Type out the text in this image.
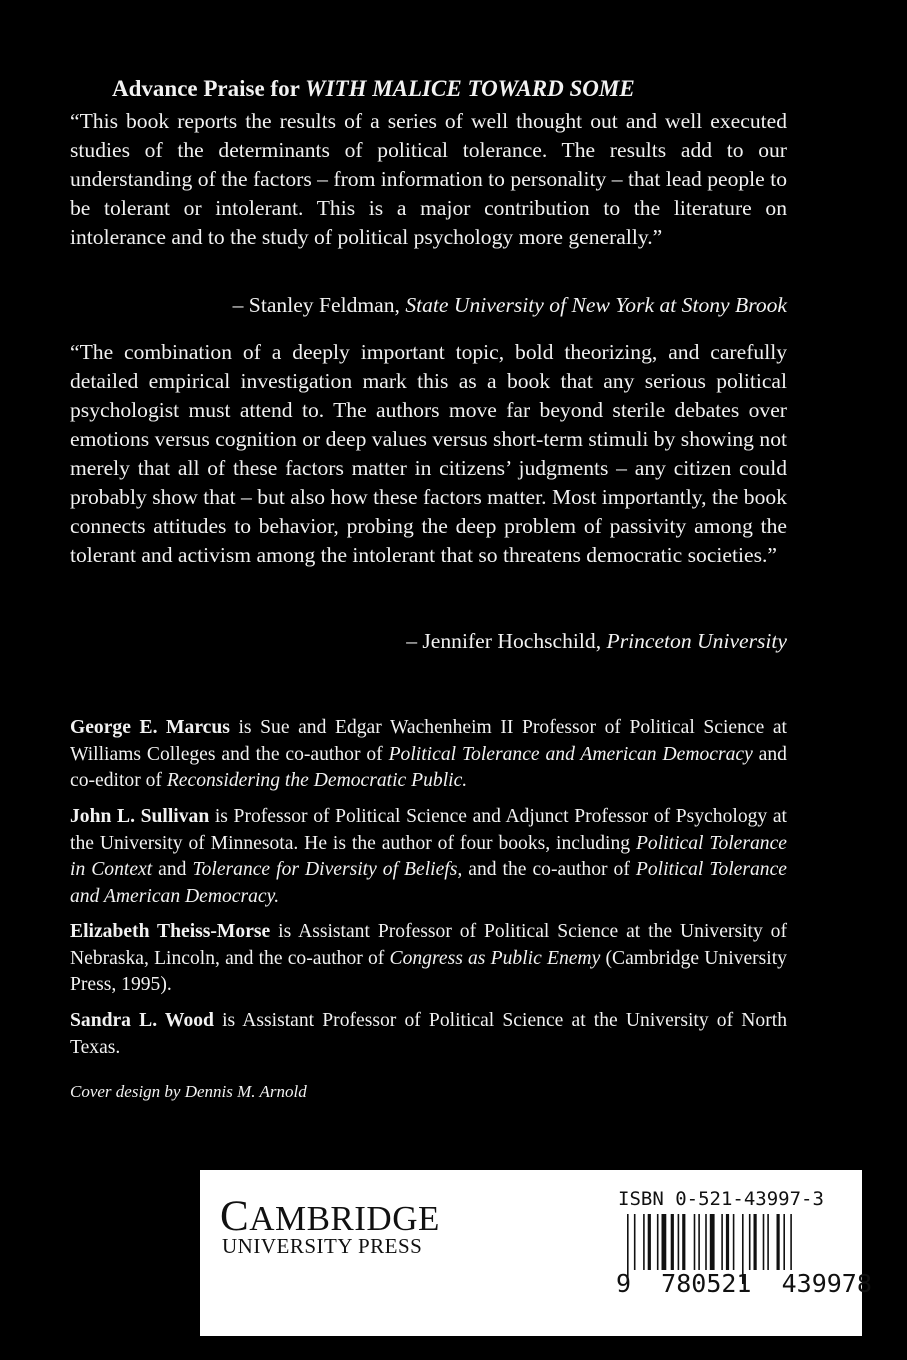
Advance Praise for WITH MALICE TOWARD SOME

“This book reports the results of a series of well thought out and well executed studies of the determinants of political tolerance. The results add to our understanding of the factors – from information to personality – that lead people to be tolerant or intolerant. This is a major contribution to the literature on intolerance and to the study of political psychology more generally.”

– Stanley Feldman, State University of New York at Stony Brook

“The combination of a deeply important topic, bold theorizing, and carefully detailed empirical investigation mark this as a book that any serious political psychologist must attend to. The authors move far beyond sterile debates over emotions versus cognition or deep values versus short-term stimuli by showing not merely that all of these factors matter in citizens’ judgments – any citizen could probably show that – but also how these factors matter. Most importantly, the book connects attitudes to behavior, probing the deep problem of passivity among the tolerant and activism among the intolerant that so threatens democratic societies.”

– Jennifer Hochschild, Princeton University

George E. Marcus is Sue and Edgar Wachenheim II Professor of Political Science at Williams Colleges and the co-author of Political Tolerance and American Democracy and co-editor of Reconsidering the Democratic Public.

John L. Sullivan is Professor of Political Science and Adjunct Professor of Psychology at the University of Minnesota. He is the author of four books, including Political Tolerance in Context and Tolerance for Diversity of Beliefs, and the co-author of Political Tolerance and American Democracy.

Elizabeth Theiss-Morse is Assistant Professor of Political Science at the University of Nebraska, Lincoln, and the co-author of Congress as Public Enemy (Cambridge University Press, 1995).

Sandra L. Wood is Assistant Professor of Political Science at the University of North Texas.

Cover design by Dennis M. Arnold

CAMBRIDGE
UNIVERSITY PRESS
ISBN 0-521-43997-3
9 780521 439978
